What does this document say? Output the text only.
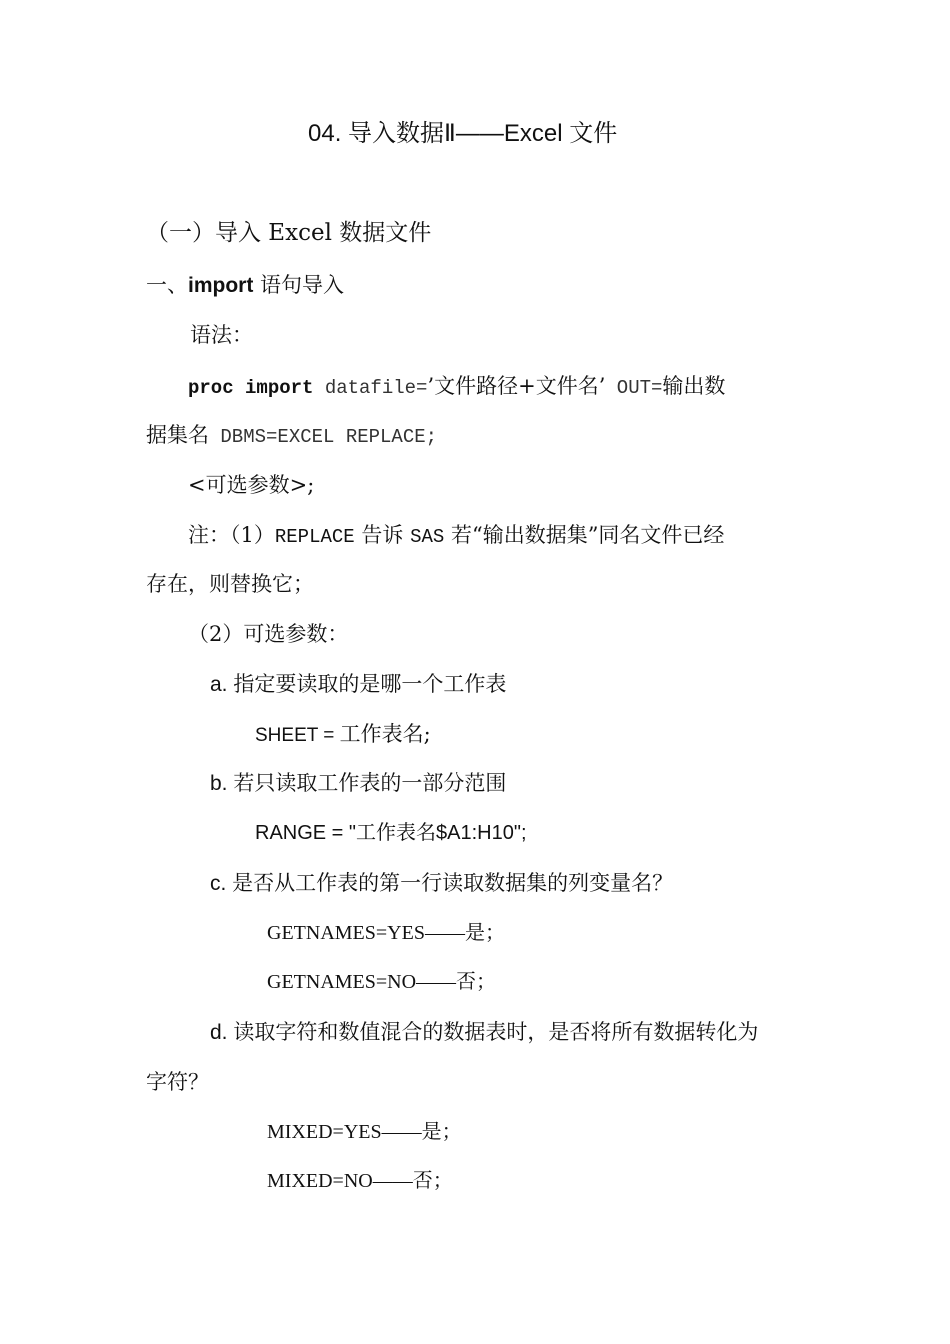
04. 导入数据Ⅱ——Excel 文件
（一）导入 Excel 数据文件
一、import 语句导入
语法：
proc import datafile=’文件路径+文件名’ OUT=输出数
据集名 DBMS=EXCEL REPLACE;
<可选参数>;
注：（1）REPLACE 告诉 SAS 若“输出数据集”同名文件已经
存在，则替换它；
（2）可选参数：
a. 指定要读取的是哪一个工作表
SHEET = 工作表名;
b. 若只读取工作表的一部分范围
RANGE = "工作表名$A1:H10";
c. 是否从工作表的第一行读取数据集的列变量名？
GETNAMES=YES——是；
GETNAMES=NO——否；
d. 读取字符和数值混合的数据表时，是否将所有数据转化为
字符？
MIXED=YES——是；
MIXED=NO——否；
